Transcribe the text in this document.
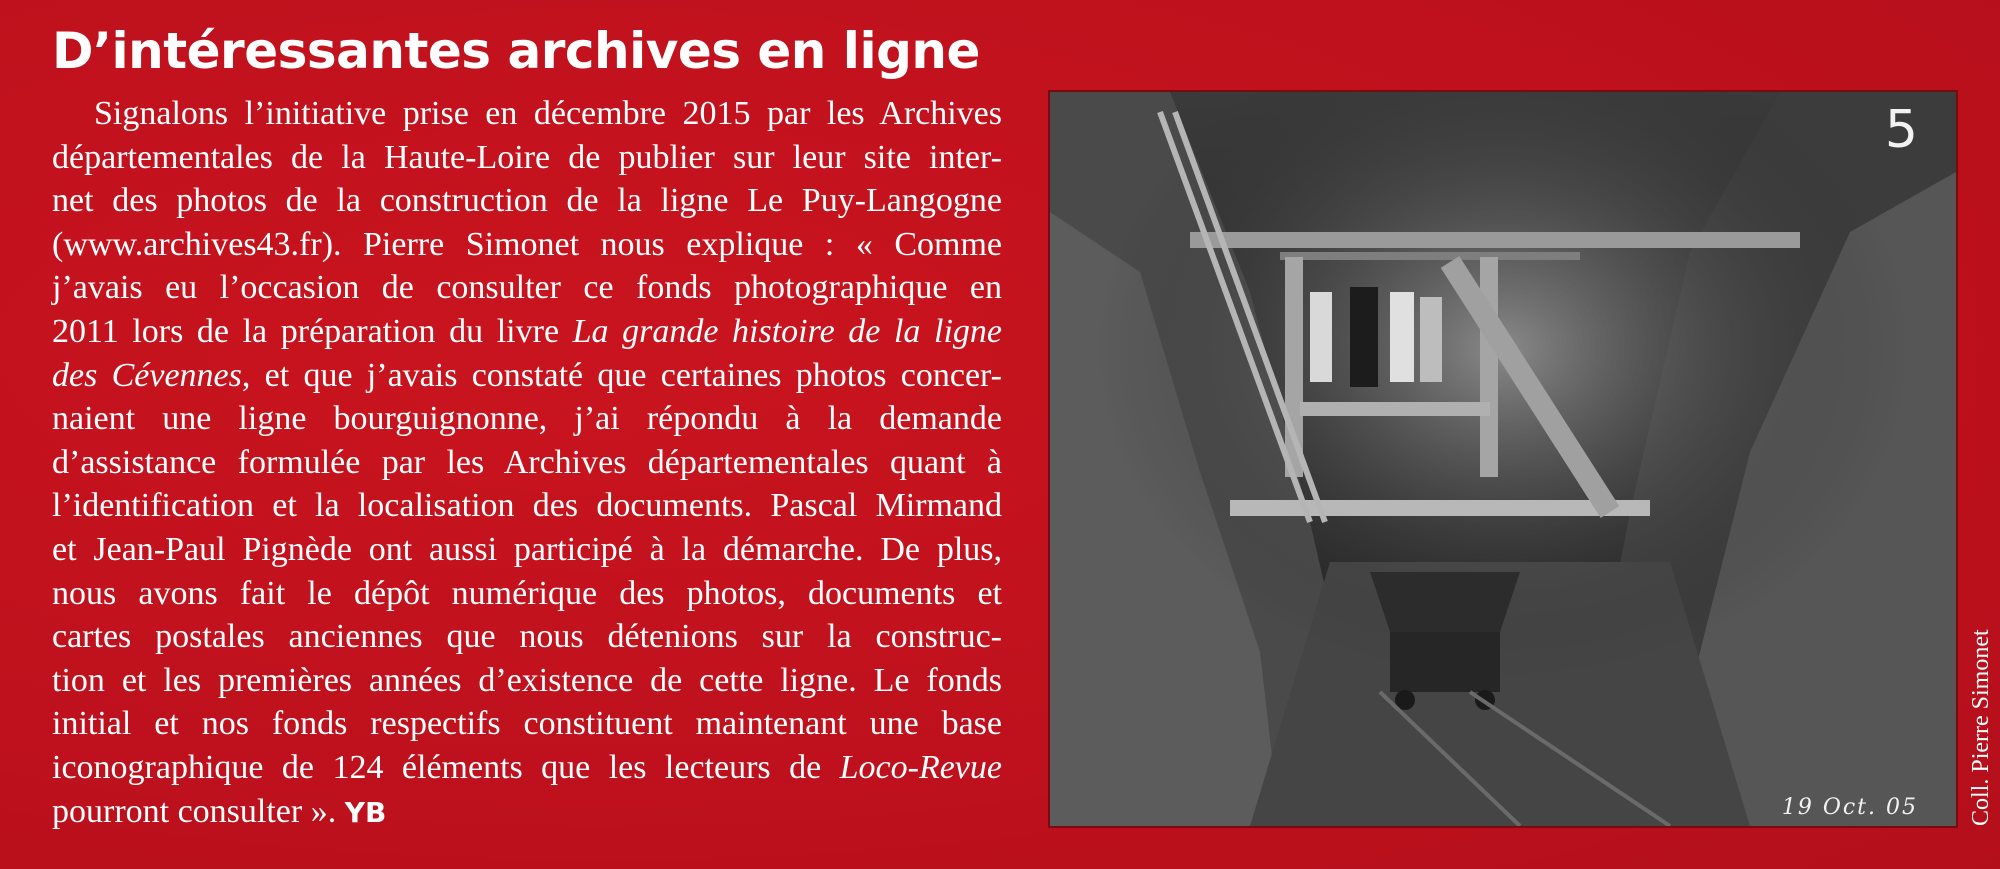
D’intéressantes archives en ligne
Signalons l’initiative prise en décembre 2015 par les Archives
départementales de la Haute-Loire de publier sur leur site inter-
net des photos de la construction de la ligne Le Puy-Langogne
(www.archives43.fr). Pierre Simonet nous explique : « Comme
j’avais eu l’occasion de consulter ce fonds photographique en
2011 lors de la préparation du livre La grande histoire de la ligne
des Cévennes, et que j’avais constaté que certaines photos concer-
naient une ligne bourguignonne, j’ai répondu à la demande
d’assistance formulée par les Archives départementales quant à
l’identification et la localisation des documents. Pascal Mirmand
et Jean-Paul Pignède ont aussi participé à la démarche. De plus,
nous avons fait le dépôt numérique des photos, documents et
cartes postales anciennes que nous détenions sur la construc-
tion et les premières années d’existence de cette ligne. Le fonds
initial et nos fonds respectifs constituent maintenant une base
iconographique de 124 éléments que les lecteurs de Loco-Revue
pourront consulter ». YB
5
19 Oct. 05 Coll. Pierre Simonet
